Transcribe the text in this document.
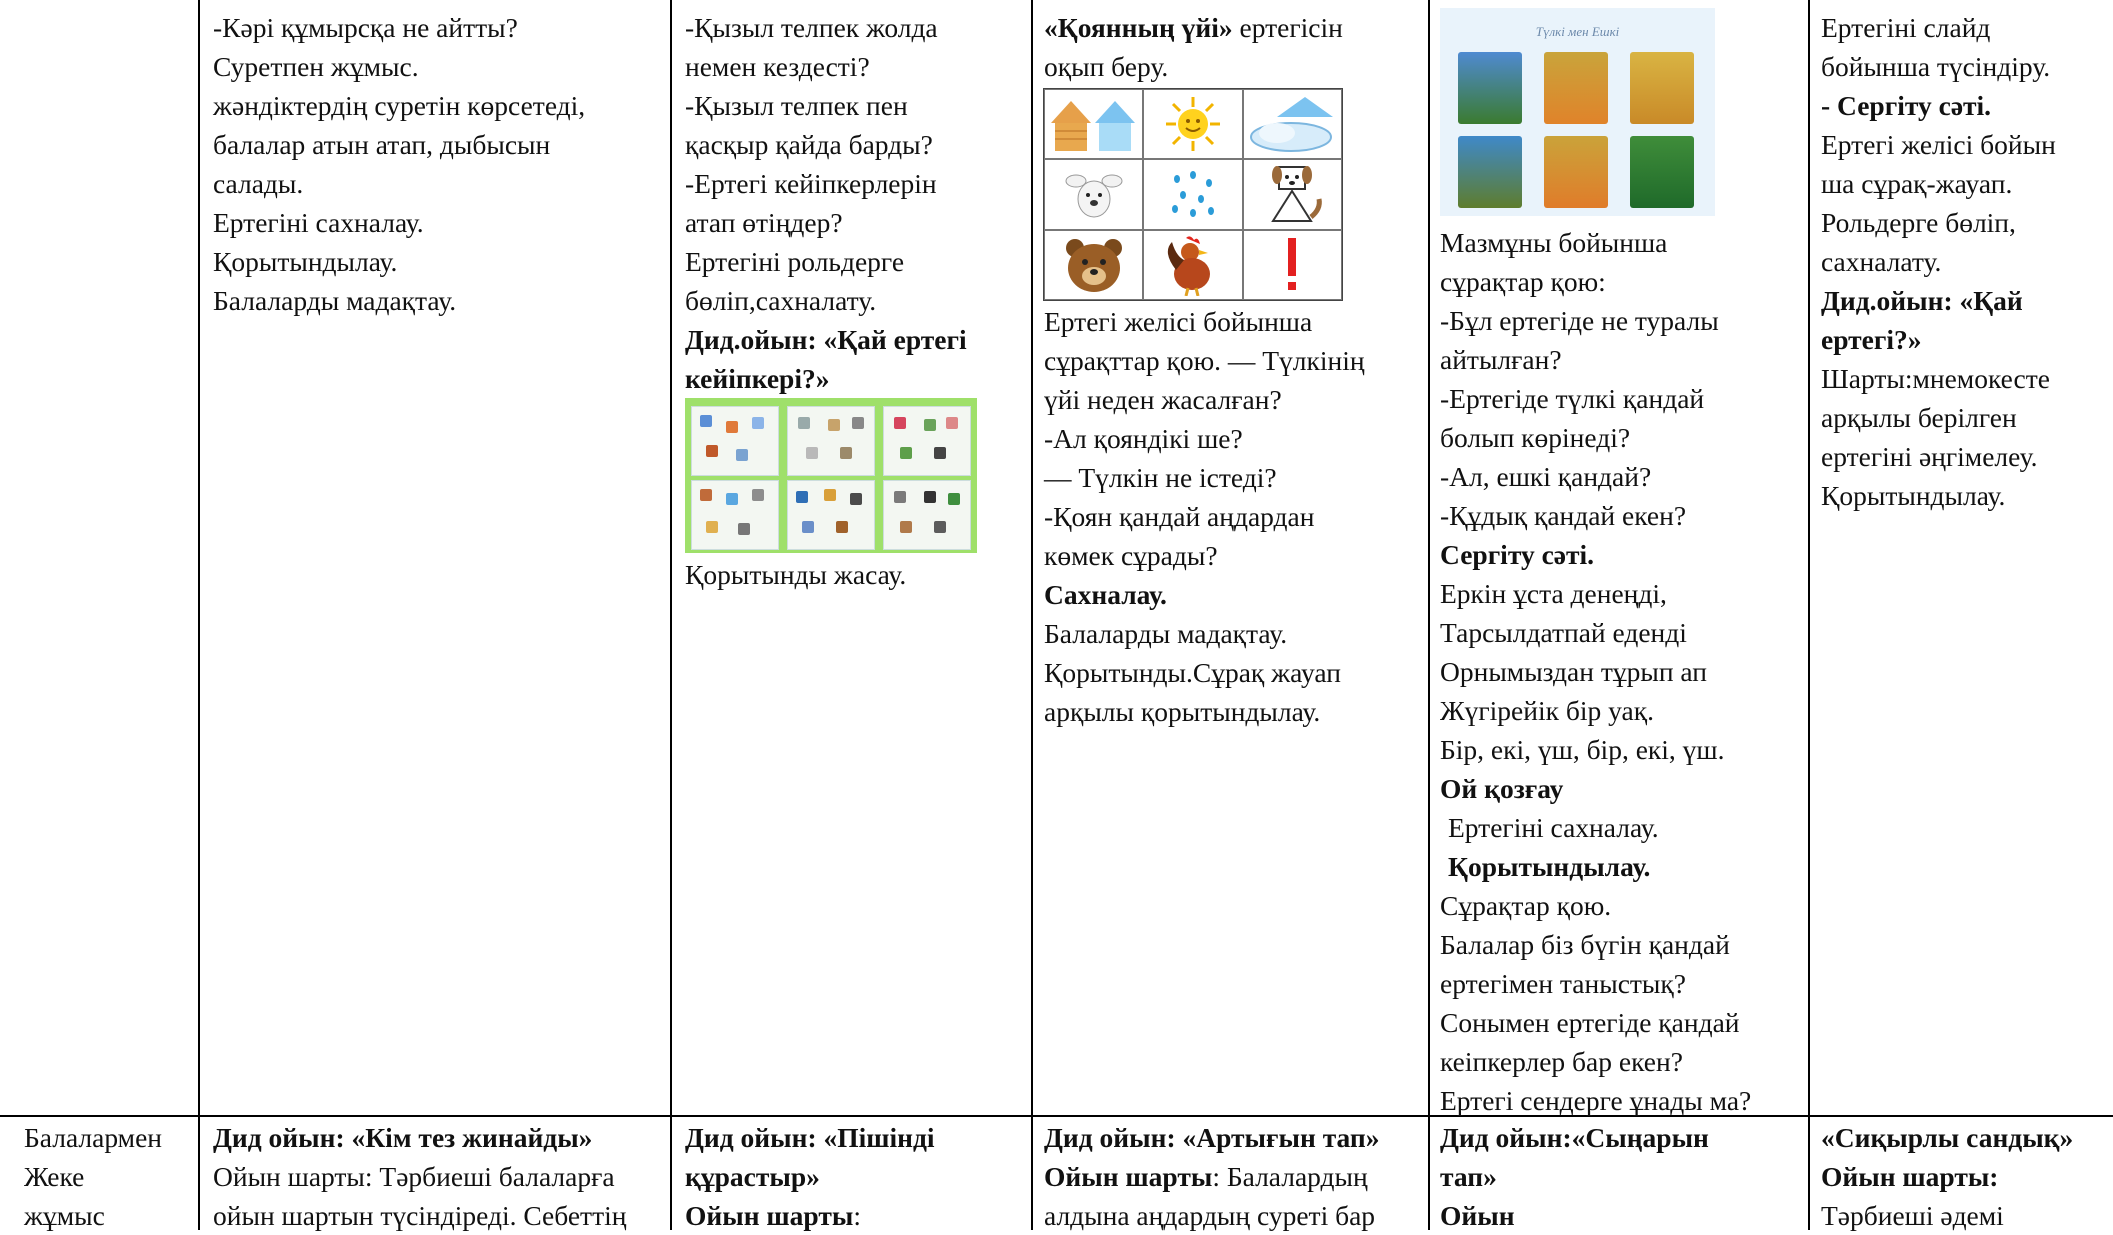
-Кәрі құмырсқа не айтты?
Суретпен жұмыс.
жәндіктердің суретін көрсетеді,
балалар атын атап, дыбысын
салады.
Ертегіні сахналау.
Қорытындылау.
Балаларды мадақтау.
-Қызыл телпек жолда
немен кездесті?
-Қызыл телпек пен
қасқыр қайда барды?
-Ертегі кейіпкерлерін
атап өтіңдер?
Ертегіні рольдерге
бөліп,сахналату.
Дид.ойын: «Қай ертегі
кейіпкері?»
Қорытынды жасау.
«Қоянның үйі» ертегісін
оқып беру.
Ертегі желісі бойынша
сұрақттар қою. — Түлкінің
үйі неден жасалған?
-Ал қояндікі ше?
— Түлкін не істеді?
-Қоян қандай аңдардан
көмек сұрады?
Сахналау.
Балаларды мадақтау.
Қорытынды.Сұрақ жауап
арқылы қорытындылау.
Түлкі мен Ешкі
Мазмұны бойынша
сұрақтар қою:
-Бұл ертегіде не туралы
айтылған?
-Ертегіде түлкі қандай
болып көрінеді?
-Ал, ешкі қандай?
-Құдық қандай екен?
Сергіту сәті.
Еркін ұста денеңді,
Тарсылдатпай еденді
Орнымыздан тұрып ап
Жүгірейік бір уақ.
Бір, екі, үш, бір, екі, үш.
Ой қозғау
Ертегіні сахналау.
Қорытындылау.
Сұрақтар қою.
Балалар біз бүгін қандай
ертегімен таныстық?
Сонымен ертегіде қандай
кеіпкерлер бар екен?
Ертегі сендерге ұнады ма?
Ертегіні слайд
бойынша түсіндіру.
- Сергіту сәті.
Ертегі желісі бойын
ша сұрақ-жауап.
Рольдерге бөліп,
сахналату.
Дид.ойын: «Қай
ертегі?»
Шарты:мнемокесте
арқылы берілген
ертегіні әңгімелеу.
Қорытындылау.
Балалармен
Жеке
жұмыс
Дид ойын: «Кім тез жинайды»
Ойын шарты: Тәрбиеші балаларға
ойын шартын түсіндіреді. Себеттің
Дид ойын: «Пішінді
құрастыр»
Ойын шарты:
Дид ойын: «Артығын тап»
Ойын шарты: Балалардың
алдына аңдардың суреті бар
Дид ойын:«Сыңарын
тап»
Ойын
«Сиқырлы сандық»
Ойын шарты:
Тәрбиеші әдемі
